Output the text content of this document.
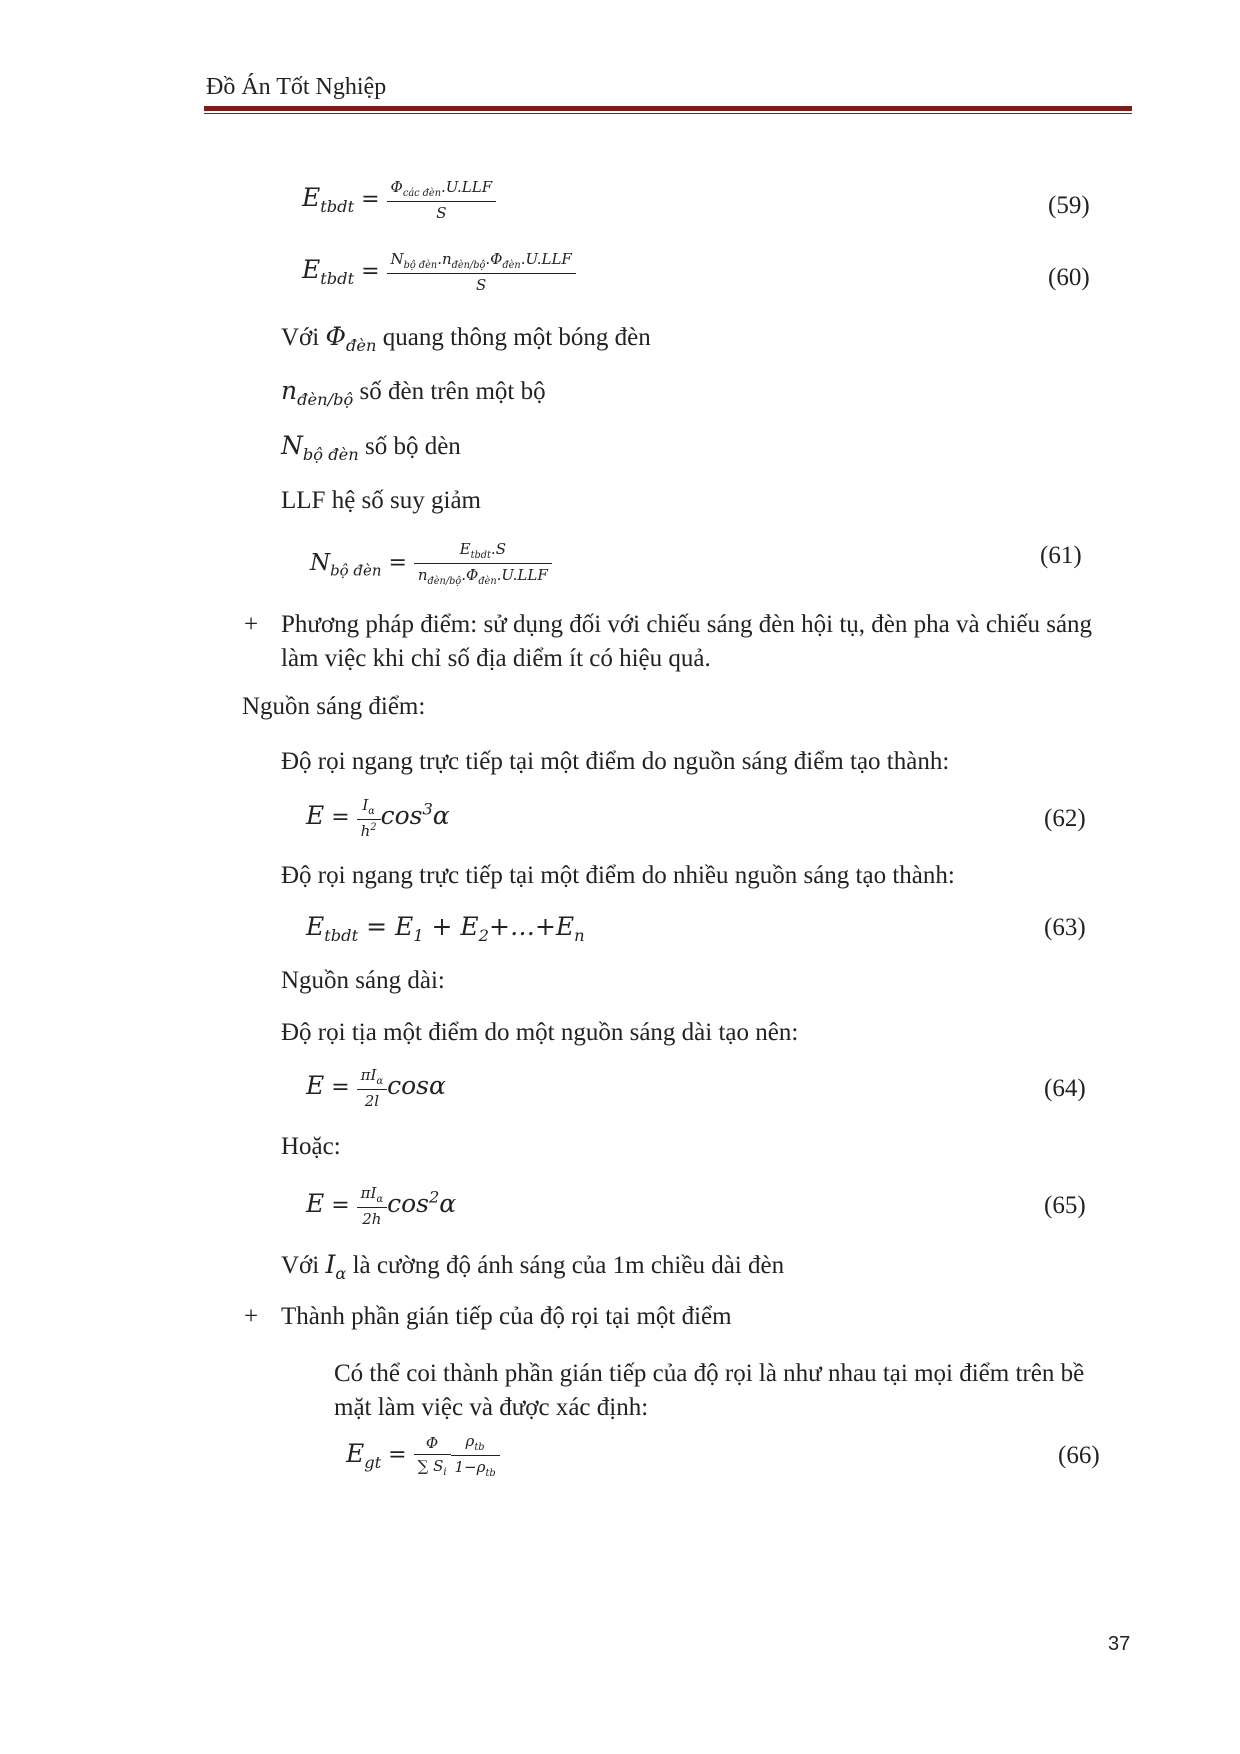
Đồ Án Tốt Nghiệp
$E_{tbdt} = \frac{\Phi_{các đèn}.U.LLF}{S}$	(59)
$E_{tbdt} = \frac{N_{bộ đèn}.n_{đèn/bộ}.\Phi_{đèn}.U.LLF}{S}$	(60)
Với $\Phi_{đèn}$ quang thông một bóng đèn
$n_{đèn/bộ}$ số đèn trên một bộ
$N_{bộ đèn}$ số bộ dèn
LLF hệ số suy giảm
$N_{bộ đèn} = \frac{E_{tbdt}.S}{n_{đèn/bộ}.\Phi_{đèn}.U.LLF}$	(61)
+ Phương pháp điểm: sử dụng đối với chiếu sáng đèn hội tụ, đèn pha và chiếu sáng làm việc khi chỉ số địa diểm ít có hiệu quả.
Nguồn sáng điểm:
Độ rọi ngang trực tiếp tại một điểm do nguồn sáng điểm tạo thành:
$E = \frac{I_\alpha}{h^2} \cos^3\alpha$	(62)
Độ rọi ngang trực tiếp tại một điểm do nhiều nguồn sáng tạo thành:
$E_{tbdt} = E_1$ + $E_2+\dots+E_n$	(63)
Nguồn sáng dài:
Độ rọi tịa một điểm do một nguồn sáng dài tạo nên:
$E = \frac{\pi I_\alpha}{2l}$ cosα	(64)
Hoặc:
$E = \frac{\pi I_\alpha}{2h} \cos^2\alpha$	(65)
Với $I_\alpha$ là cường độ ánh sáng của 1m chiều dài đèn
+ Thành phần gián tiếp của độ rọi tại một điểm
Có thể coi thành phần gián tiếp của độ rọi là như nhau tại mọi điểm trên bề mặt làm việc và được xác định:
$E_{gt} = \frac{\Phi}{\sum S_i} \frac{\rho_{tb}}{1-\rho_{tb}}$	(66)
37
